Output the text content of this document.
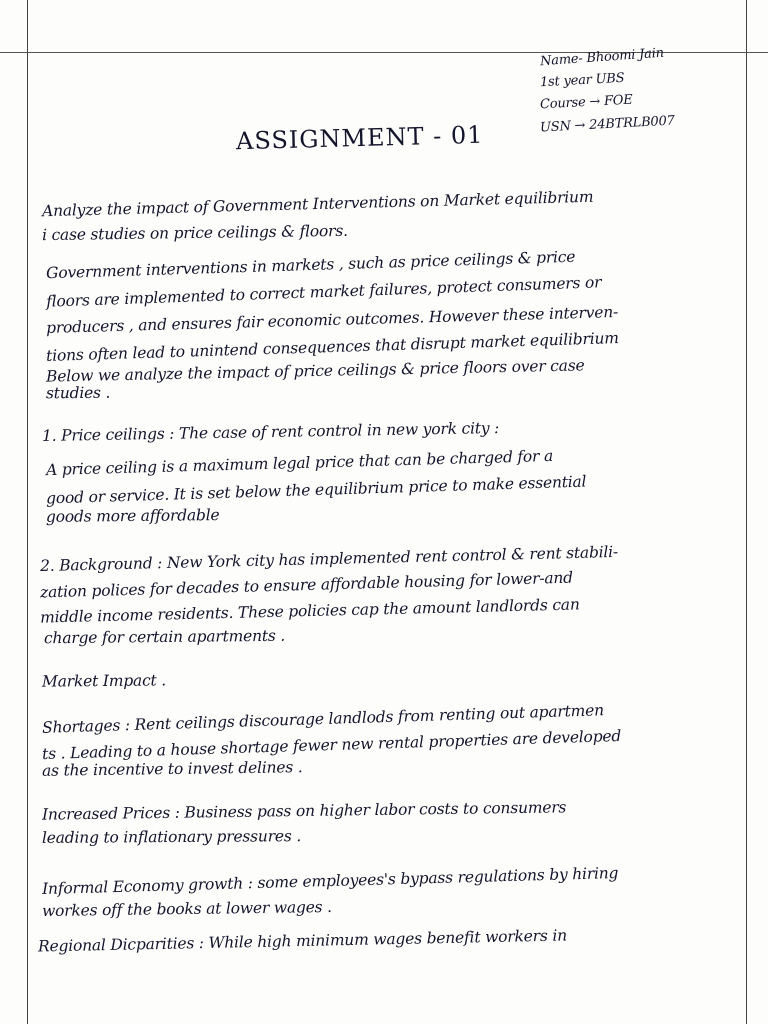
Name- Bhoomi Jain
1st year UBS
Course → FOE
USN → 24BTRLB007
ASSIGNMENT - 01
Analyze the impact of Government Interventions on Market equilibrium
i case studies on price ceilings & floors.
Government interventions in markets , such as price ceilings & price
floors are implemented to correct market failures, protect consumers or
producers , and ensures fair economic outcomes. However these interven-
tions often lead to unintend consequences that disrupt market equilibrium
Below we analyze the impact of price ceilings & price floors over case
studies .
1. Price ceilings : The case of rent control in new york city :
A price ceiling is a maximum legal price that can be charged for a
good or service. It is set below the equilibrium price to make essential
goods more affordable
2. Background : New York city has implemented rent control & rent stabili-
zation polices for decades to ensure affordable housing for lower-and
middle income residents. These policies cap the amount landlords can
charge for certain apartments .
Market Impact .
Shortages : Rent ceilings discourage landlods from renting out apartmen
ts . Leading to a house shortage fewer new rental properties are developed
as the incentive to invest delines .
Increased Prices : Business pass on higher labor costs to consumers
leading to inflationary pressures .
Informal Economy growth : some employees's bypass regulations by hiring
workes off the books at lower wages .
Regional Dicparities : While high minimum wages benefit workers in
